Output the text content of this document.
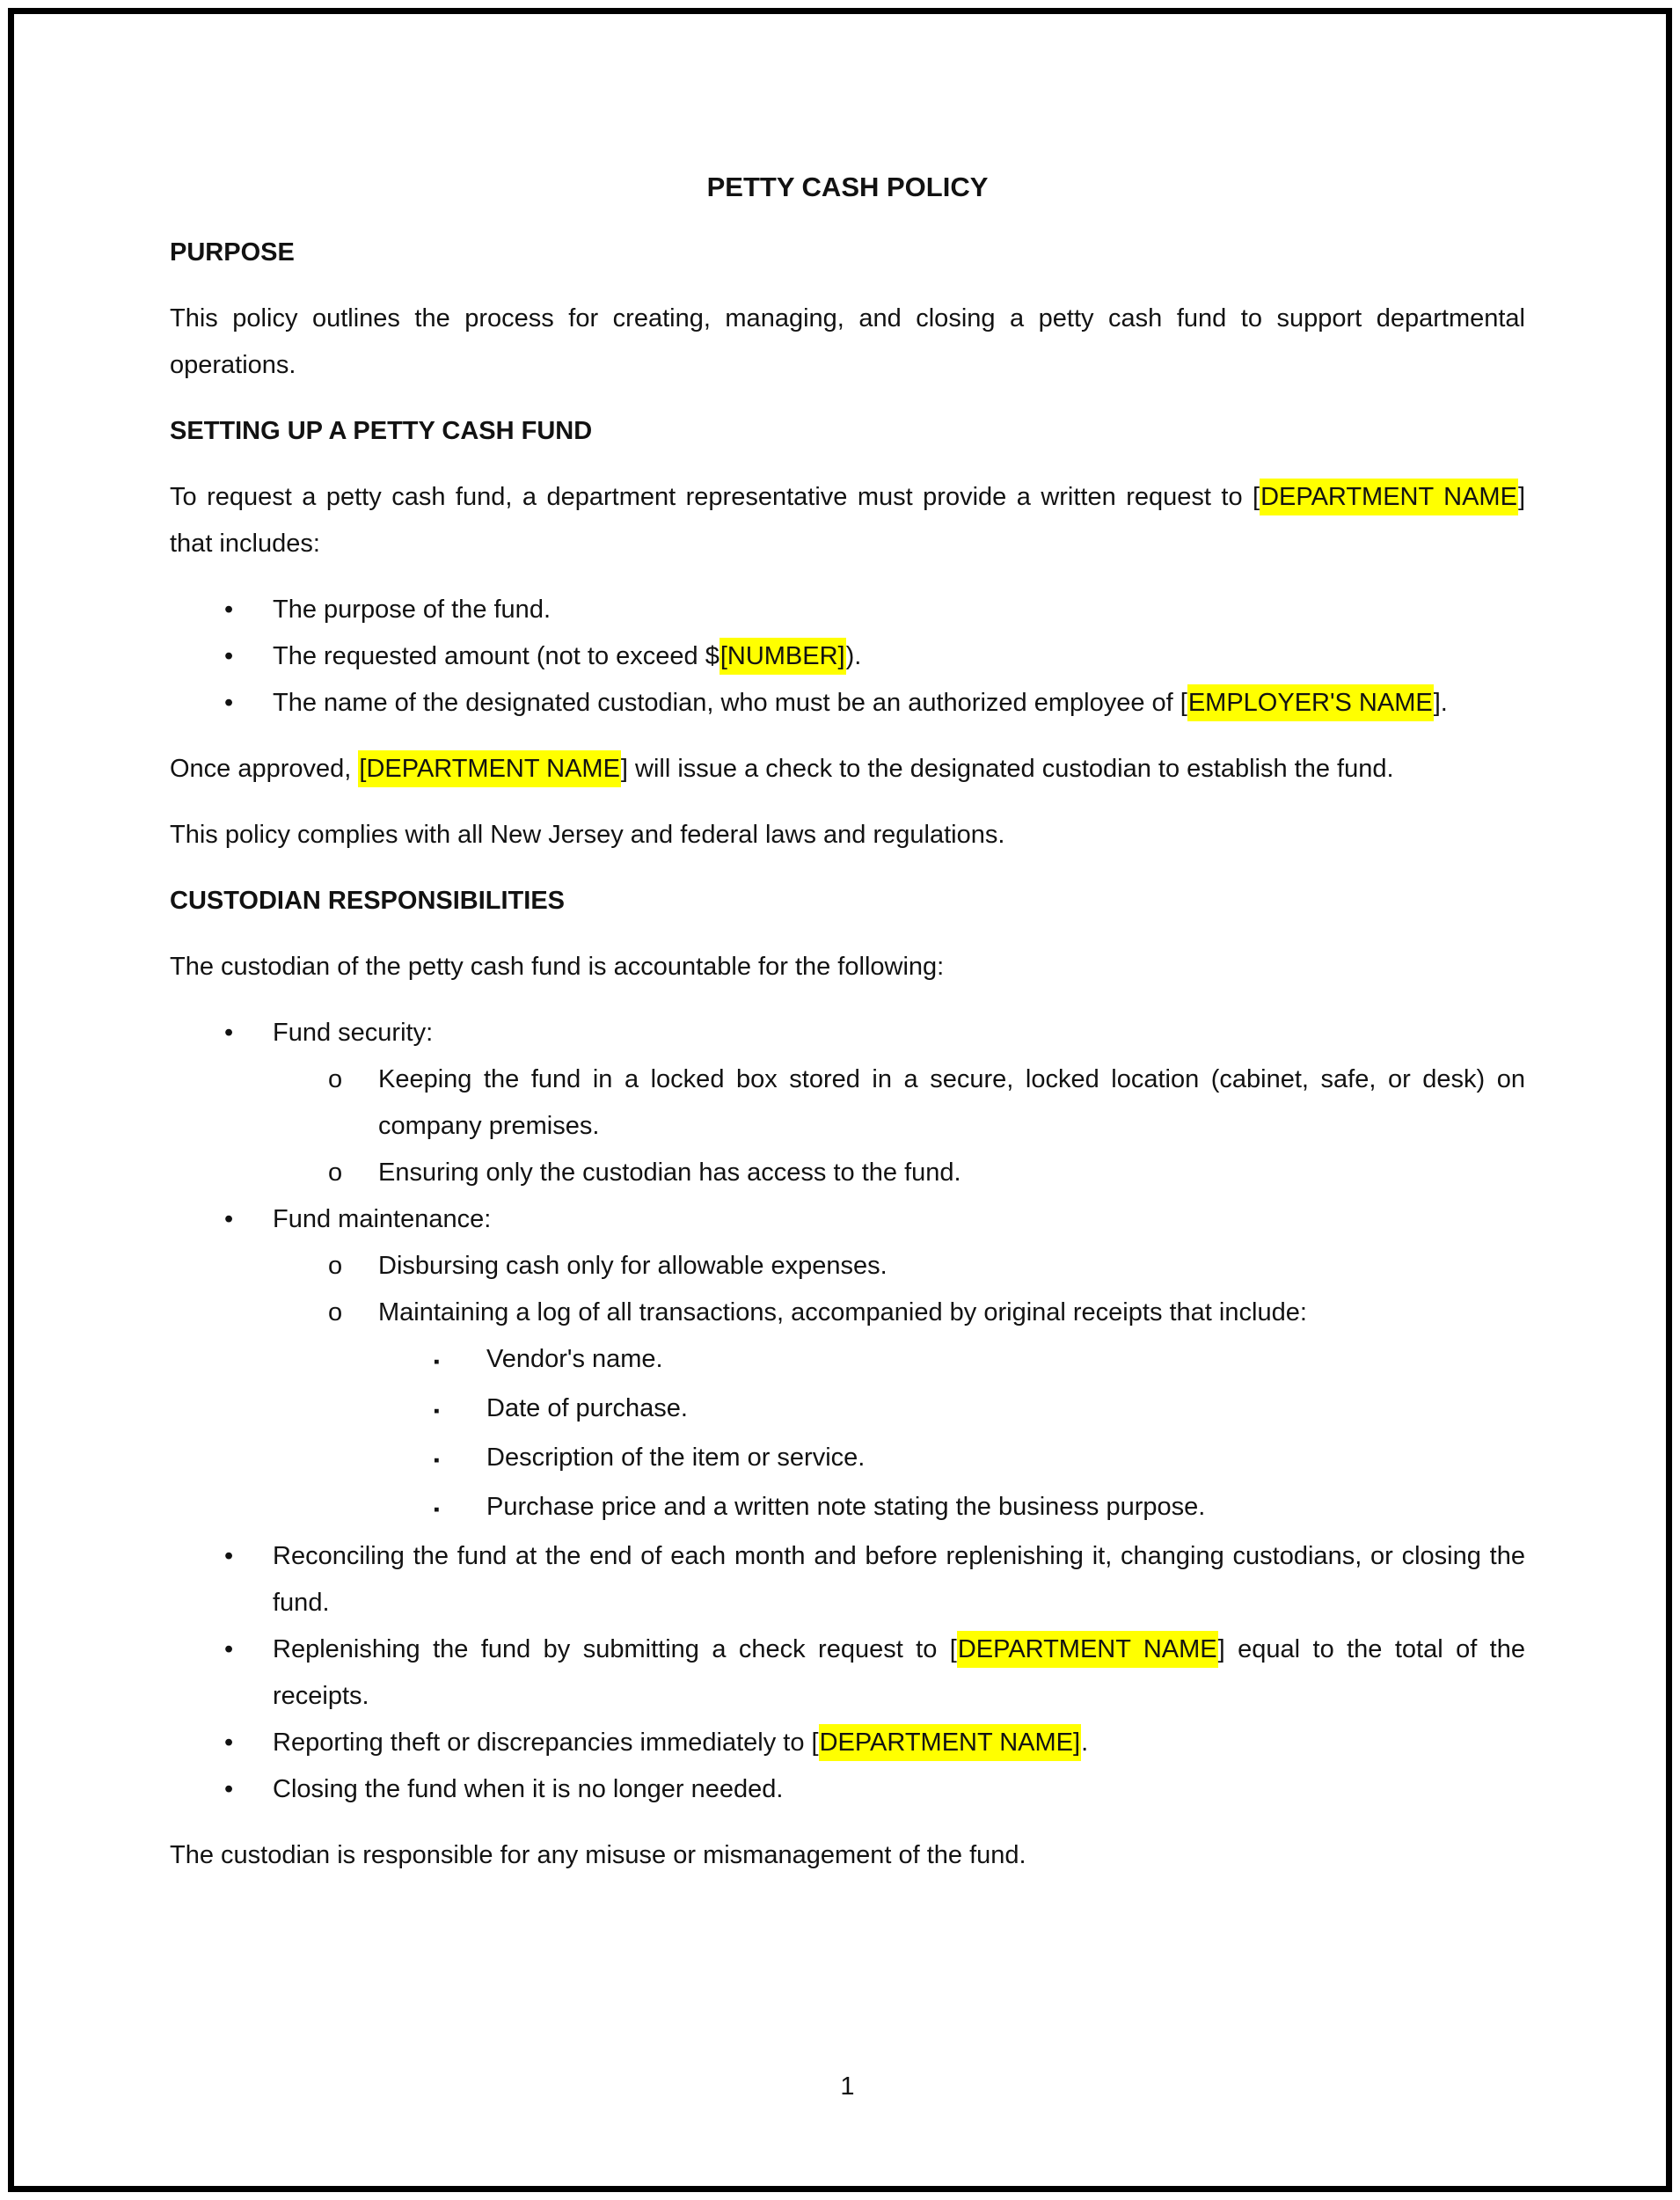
PETTY CASH POLICY
PURPOSE

This policy outlines the process for creating, managing, and closing a petty cash fund to support departmental operations.

SETTING UP A PETTY CASH FUND

To request a petty cash fund, a department representative must provide a written request to [DEPARTMENT NAME] that includes:

•	The purpose of the fund.
•	The requested amount (not to exceed $[NUMBER]).
•	The name of the designated custodian, who must be an authorized employee of [EMPLOYER'S NAME].

Once approved, [DEPARTMENT NAME] will issue a check to the designated custodian to establish the fund.

This policy complies with all New Jersey and federal laws and regulations.

CUSTODIAN RESPONSIBILITIES

The custodian of the petty cash fund is accountable for the following:

•	Fund security:
o	Keeping the fund in a locked box stored in a secure, locked location (cabinet, safe, or desk) on company premises.
o	Ensuring only the custodian has access to the fund.
•	Fund maintenance:
o	Disbursing cash only for allowable expenses.
o	Maintaining a log of all transactions, accompanied by original receipts that include:
▪	Vendor's name.
▪	Date of purchase.
▪	Description of the item or service.
▪	Purchase price and a written note stating the business purpose.
•	Reconciling the fund at the end of each month and before replenishing it, changing custodians, or closing the fund.
•	Replenishing the fund by submitting a check request to [DEPARTMENT NAME] equal to the total of the receipts.
•	Reporting theft or discrepancies immediately to [DEPARTMENT NAME].
•	Closing the fund when it is no longer needed.

The custodian is responsible for any misuse or mismanagement of the fund.

1
